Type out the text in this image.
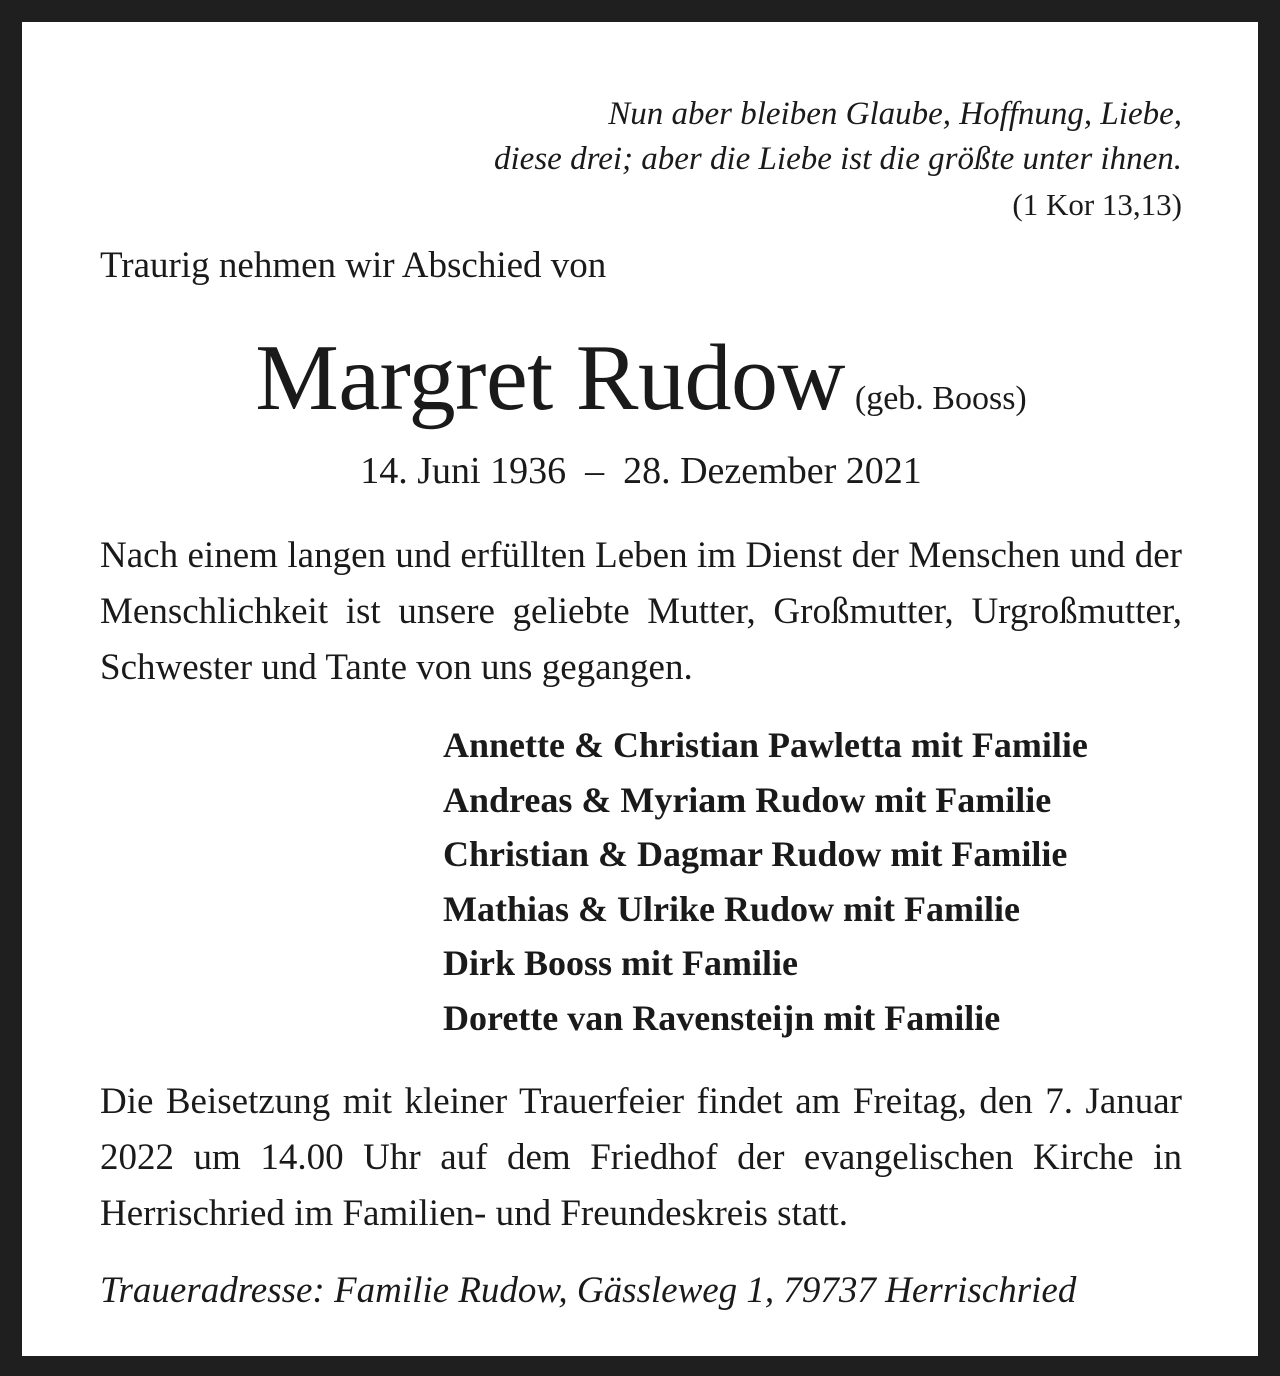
Nun aber bleiben Glaube, Hoffnung, Liebe,
diese drei; aber die Liebe ist die größte unter ihnen.
(1 Kor 13,13)
Traurig nehmen wir Abschied von
Margret Rudow (geb. Booss)
14. Juni 1936  –  28. Dezember 2021

Nach einem langen und erfüllten Leben im Dienst der Menschen und der Menschlichkeit ist unsere geliebte Mutter, Großmutter, Urgroßmutter, Schwester und Tante von uns gegangen.

Annette & Christian Pawletta mit Familie
Andreas & Myriam Rudow mit Familie
Christian & Dagmar Rudow mit Familie
Mathias & Ulrike Rudow mit Familie
Dirk Booss mit Familie
Dorette van Ravensteijn mit Familie
Die Beisetzung mit kleiner Trauerfeier findet am Freitag, den 7. Januar 2022 um 14.00 Uhr auf dem Friedhof der evangelischen Kirche in Herrischried im Familien- und Freundeskreis statt.
Traueradresse: Familie Rudow, Gässleweg 1, 79737 Herrischried
